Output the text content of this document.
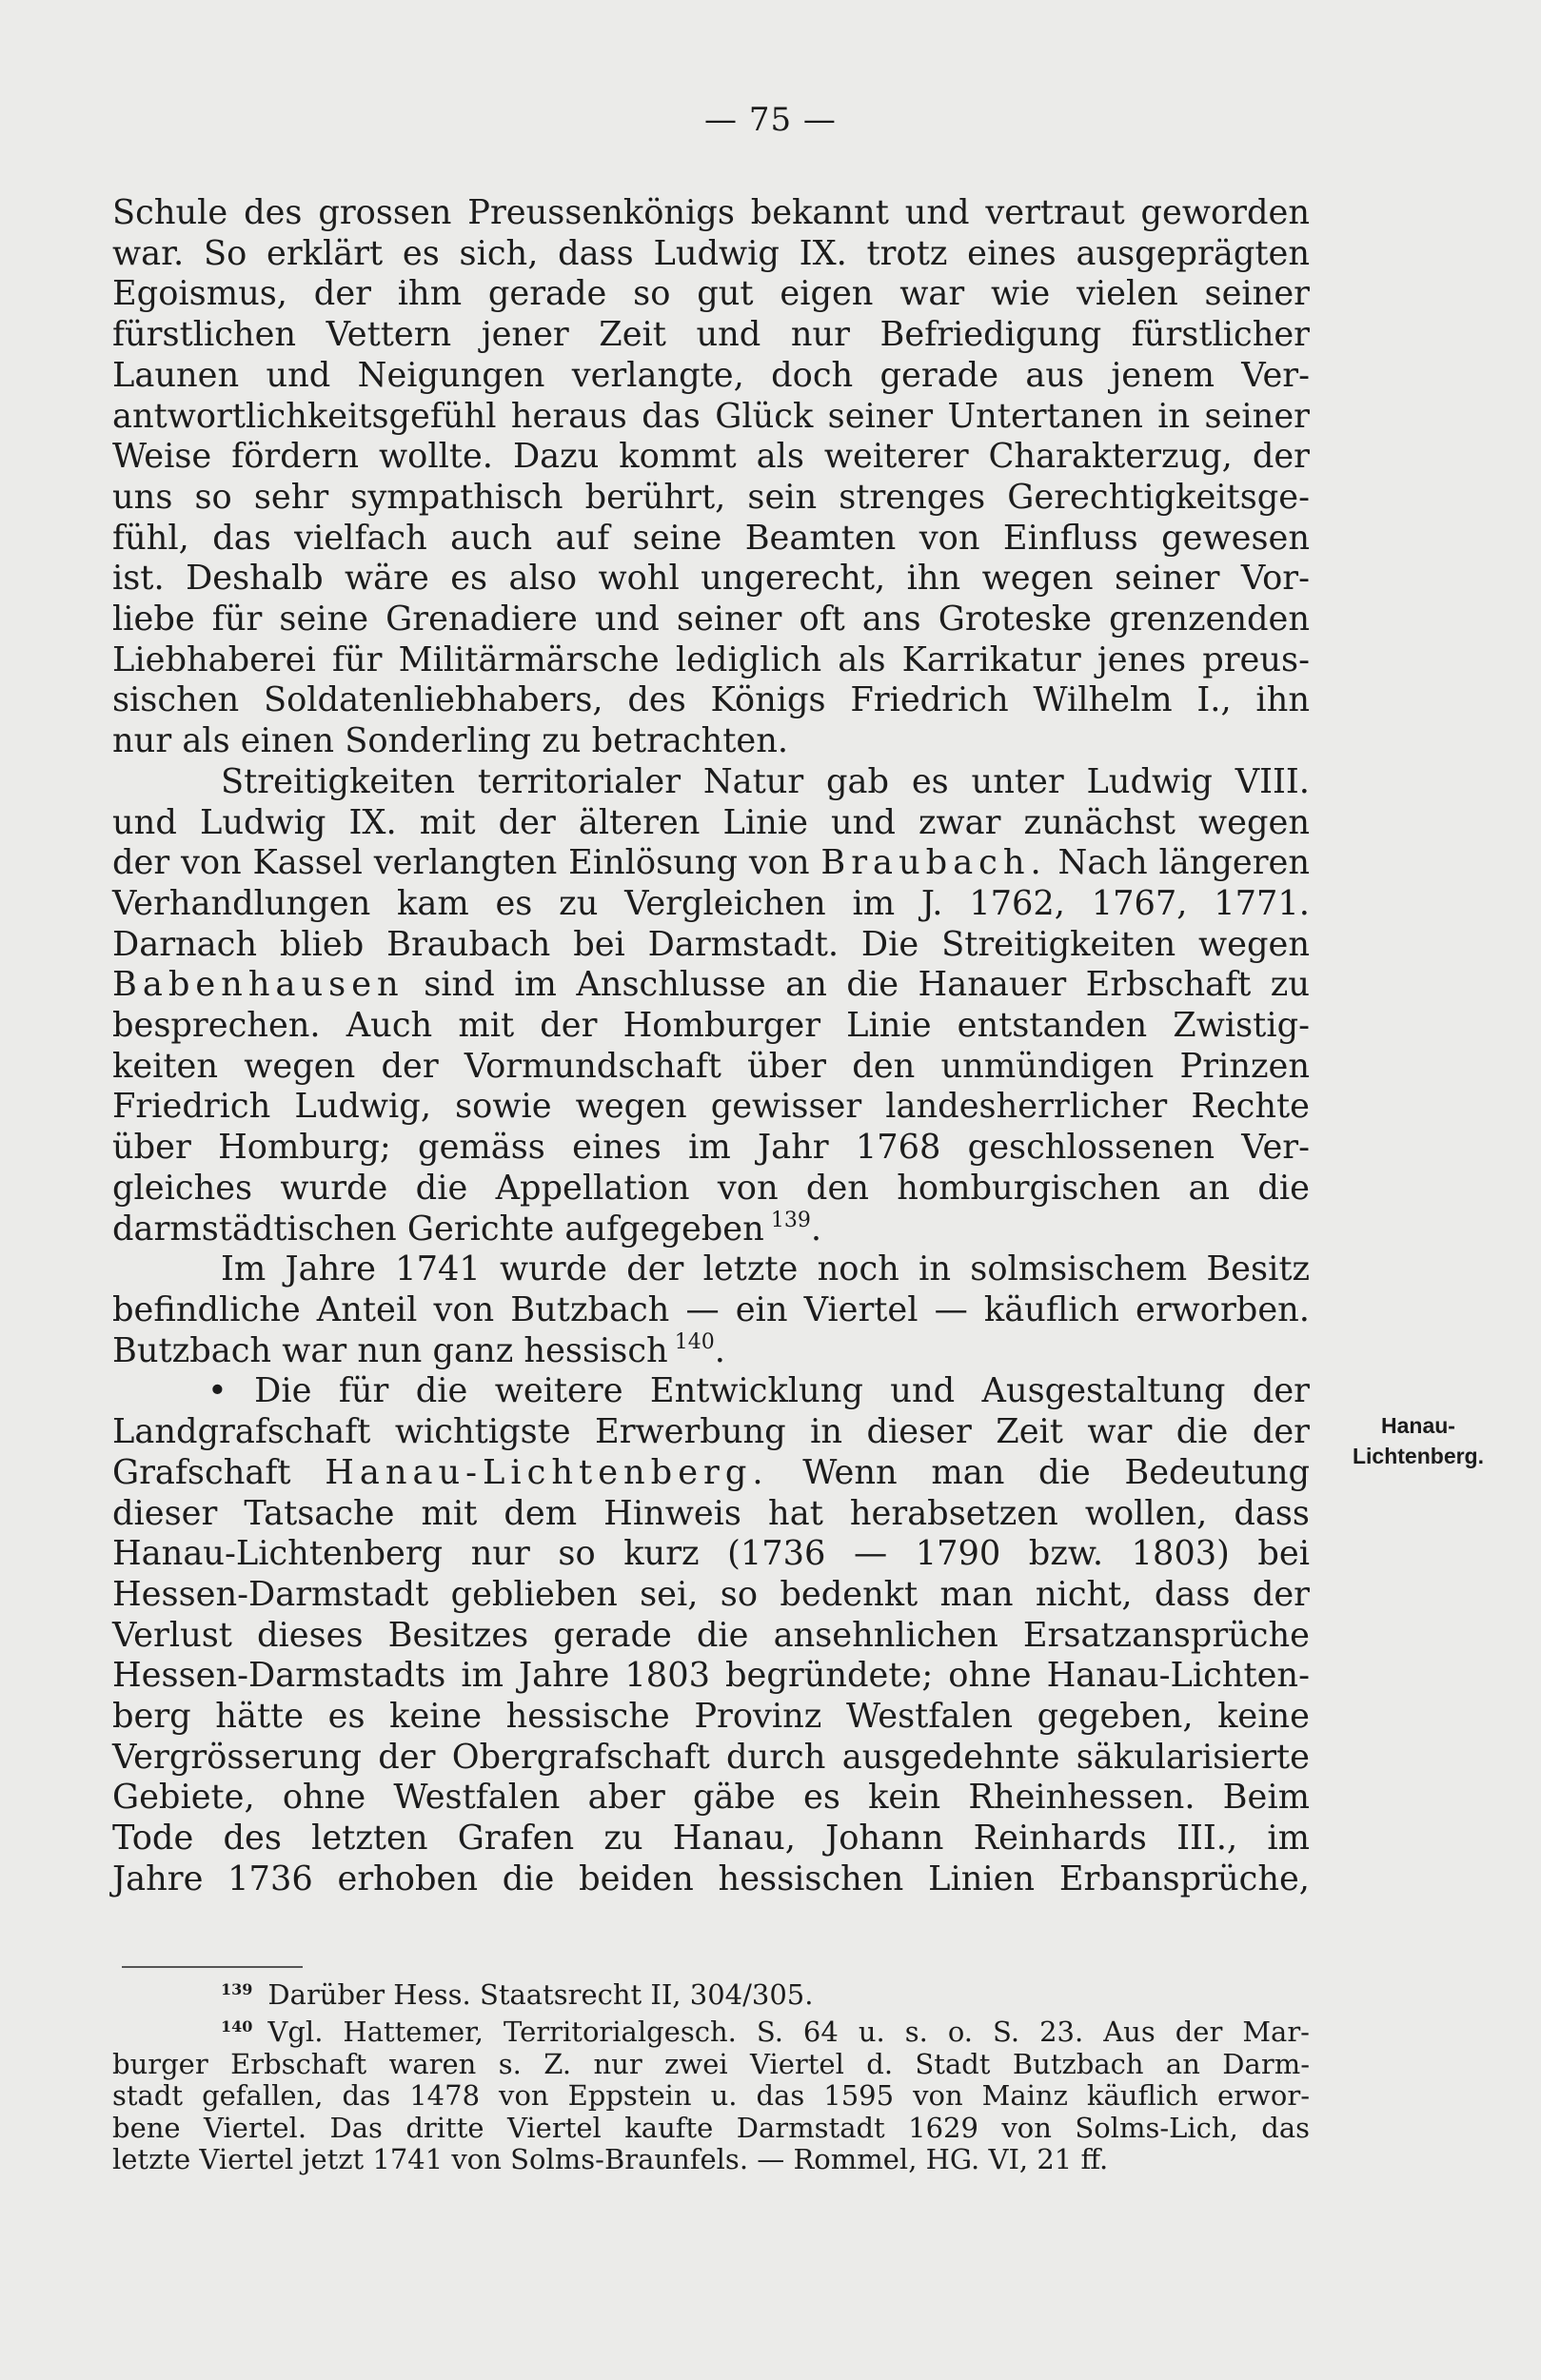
— 75 —
Schule des grossen Preussenkönigs bekannt und vertraut geworden
war. So erklärt es sich, dass Ludwig IX. trotz eines ausgeprägten
Egoismus, der ihm gerade so gut eigen war wie vielen seiner
fürstlichen Vettern jener Zeit und nur Befriedigung fürstlicher
Launen und Neigungen verlangte, doch gerade aus jenem Ver-
antwortlichkeitsgefühl heraus das Glück seiner Untertanen in seiner
Weise fördern wollte. Dazu kommt als weiterer Charakterzug, der
uns so sehr sympathisch berührt, sein strenges Gerechtigkeitsge-
fühl, das vielfach auch auf seine Beamten von Einfluss gewesen
ist. Deshalb wäre es also wohl ungerecht, ihn wegen seiner Vor-
liebe für seine Grenadiere und seiner oft ans Groteske grenzenden
Liebhaberei für Militärmärsche lediglich als Karrikatur jenes preus-
sischen Soldatenliebhabers, des Königs Friedrich Wilhelm I., ihn
nur als einen Sonderling zu betrachten.
Streitigkeiten territorialer Natur gab es unter Ludwig VIII.
und Ludwig IX. mit der älteren Linie und zwar zunächst wegen
der von Kassel verlangten Einlösung von Braubach. Nach längeren
Verhandlungen kam es zu Vergleichen im J. 1762, 1767, 1771.
Darnach blieb Braubach bei Darmstadt. Die Streitigkeiten wegen
Babenhausen sind im Anschlusse an die Hanauer Erbschaft zu
besprechen. Auch mit der Homburger Linie entstanden Zwistig-
keiten wegen der Vormundschaft über den unmündigen Prinzen
Friedrich Ludwig, sowie wegen gewisser landesherrlicher Rechte
über Homburg; gemäss eines im Jahr 1768 geschlossenen Ver-
gleiches wurde die Appellation von den homburgischen an die
darmstädtischen Gerichte aufgegeben  $^{139}$.
Im Jahre 1741 wurde der letzte noch in solmsischem Besitz
befindliche Anteil von Butzbach — ein Viertel — käuflich erworben.
Butzbach war nun ganz hessisch  $^{140}$.
• Die für die weitere Entwicklung und Ausgestaltung der
Landgrafschaft wichtigste Erwerbung in dieser Zeit war die der
Grafschaft Hanau-Lichtenberg. Wenn man die Bedeutung
dieser Tatsache mit dem Hinweis hat herabsetzen wollen, dass
Hanau-Lichtenberg nur so kurz (1736 — 1790 bzw. 1803) bei
Hessen-Darmstadt geblieben sei, so bedenkt man nicht, dass der
Verlust dieses Besitzes gerade die ansehnlichen Ersatzansprüche
Hessen-Darmstadts im Jahre 1803 begründete; ohne Hanau-Lichten-
berg hätte es keine hessische Provinz Westfalen gegeben, keine
Vergrösserung der Obergrafschaft durch ausgedehnte säkularisierte
Gebiete, ohne Westfalen aber gäbe es kein Rheinhessen. Beim
Tode des letzten Grafen zu Hanau, Johann Reinhards III., im
Jahre 1736 erhoben die beiden hessischen Linien Erbansprüche,
Hanau-
Lichtenberg.
$^{139}$ Darüber Hess. Staatsrecht II, 304/305.
$^{140}$ Vgl. Hattemer, Territorialgesch. S. 64 u. s. o. S. 23. Aus der Mar-
burger Erbschaft waren s. Z. nur zwei Viertel d. Stadt Butzbach an Darm-
stadt gefallen, das 1478 von Eppstein u. das 1595 von Mainz käuflich erwor-
bene Viertel. Das dritte Viertel kaufte Darmstadt 1629 von Solms-Lich, das
letzte Viertel jetzt 1741 von Solms-Braunfels. — Rommel, HG. VI, 21 ff.
